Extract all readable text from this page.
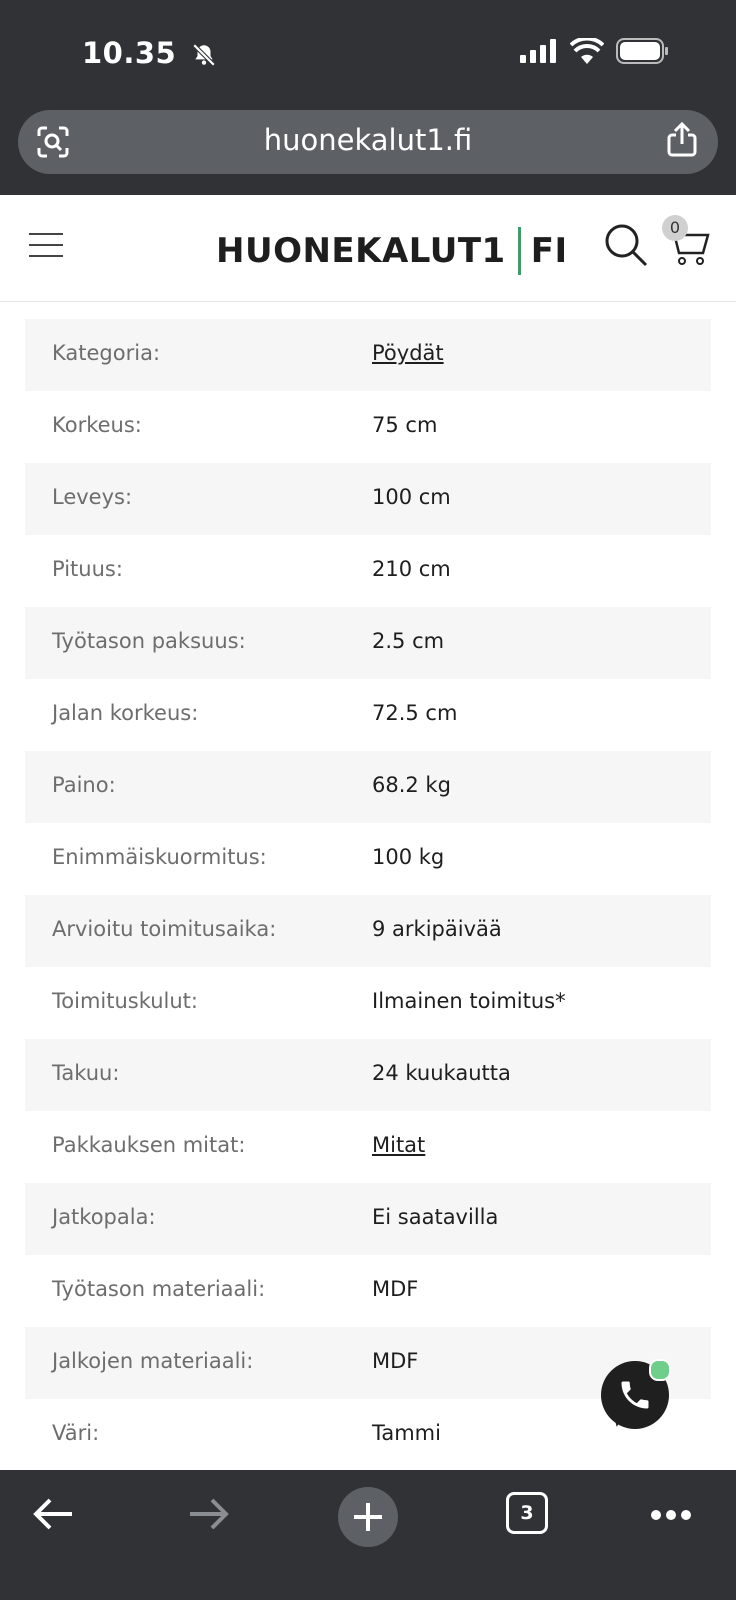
10.35
huonekalut1.fi
HUONEKALUT1 FI
0
Kategoria:	Pöydät
Korkeus:	75 cm
Leveys:	100 cm
Pituus:	210 cm
Työtason paksuus:	2.5 cm
Jalan korkeus:	72.5 cm
Paino:	68.2 kg
Enimmäiskuormitus:	100 kg
Arvioitu toimitusaika:	9 arkipäivää
Toimituskulut:	Ilmainen toimitus*
Takuu:	24 kuukautta
Pakkauksen mitat:	Mitat
Jatkopala:	Ei saatavilla
Työtason materiaali:	MDF
Jalkojen materiaali:	MDF
Väri:	Tammi
3
